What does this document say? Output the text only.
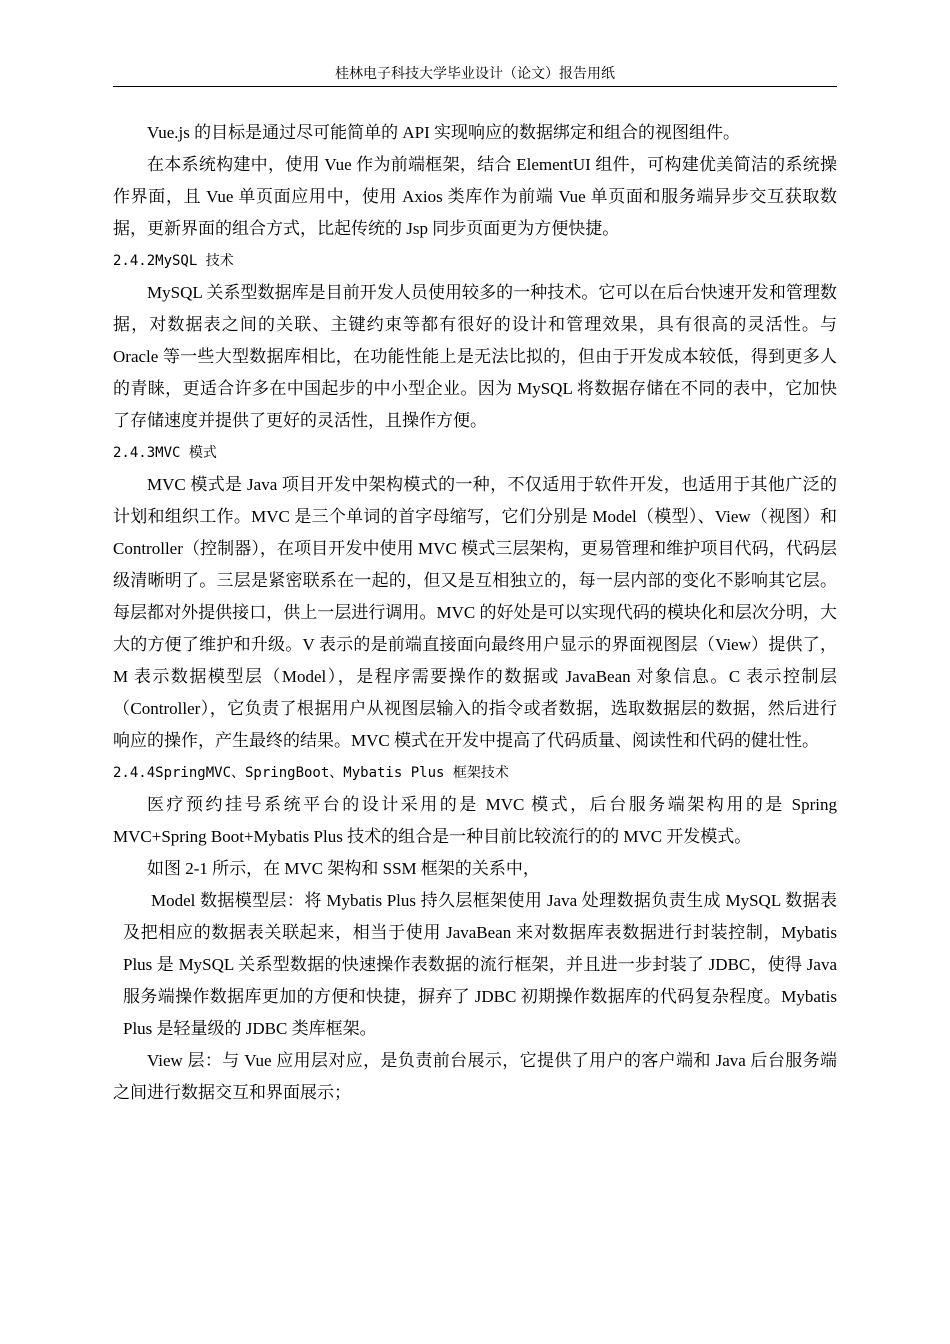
桂林电子科技大学毕业设计（论文）报告用纸

Vue.js 的目标是通过尽可能简单的 API 实现响应的数据绑定和组合的视图组件。

在本系统构建中，使用 Vue 作为前端框架，结合 ElementUI 组件，可构建优美简洁的系统操作界面，且 Vue 单页面应用中，使用 Axios 类库作为前端 Vue 单页面和服务端异步交互获取数据，更新界面的组合方式，比起传统的 Jsp 同步页面更为方便快捷。

2.4.2MySQL 技术

MySQL 关系型数据库是目前开发人员使用较多的一种技术。它可以在后台快速开发和管理数据，对数据表之间的关联、主键约束等都有很好的设计和管理效果，具有很高的灵活性。与 Oracle 等一些大型数据库相比，在功能性能上是无法比拟的，但由于开发成本较低，得到更多人的青睐，更适合许多在中国起步的中小型企业。因为 MySQL 将数据存储在不同的表中，它加快了存储速度并提供了更好的灵活性，且操作方便。

2.4.3MVC 模式

MVC 模式是 Java 项目开发中架构模式的一种，不仅适用于软件开发，也适用于其他广泛的计划和组织工作。MVC 是三个单词的首字母缩写，它们分别是 Model（模型）、View（视图）和 Controller（控制器），在项目开发中使用 MVC 模式三层架构，更易管理和维护项目代码，代码层级清晰明了。三层是紧密联系在一起的，但又是互相独立的，每一层内部的变化不影响其它层。每层都对外提供接口，供上一层进行调用。MVC 的好处是可以实现代码的模块化和层次分明，大大的方便了维护和升级。V 表示的是前端直接面向最终用户显示的界面视图层（View）提供了，M 表示数据模型层（Model），是程序需要操作的数据或 JavaBean 对象信息。C 表示控制层（Controller），它负责了根据用户从视图层输入的指令或者数据，选取数据层的数据，然后进行响应的操作，产生最终的结果。MVC 模式在开发中提高了代码质量、阅读性和代码的健壮性。

2.4.4SpringMVC、SpringBoot、Mybatis Plus 框架技术

医疗预约挂号系统平台的设计采用的是 MVC 模式，后台服务端架构用的是 Spring MVC+Spring Boot+Mybatis Plus 技术的组合是一种目前比较流行的的 MVC 开发模式。

如图 2-1 所示，在 MVC 架构和 SSM 框架的关系中，

Model 数据模型层：将 Mybatis Plus 持久层框架使用 Java 处理数据负责生成 MySQL 数据表及把相应的数据表关联起来，相当于使用 JavaBean 来对数据库表数据进行封装控制，Mybatis Plus 是 MySQL 关系型数据的快速操作表数据的流行框架，并且进一步封装了 JDBC，使得 Java 服务端操作数据库更加的方便和快捷，摒弃了 JDBC 初期操作数据库的代码复杂程度。Mybatis Plus 是轻量级的 JDBC 类库框架。

View 层：与 Vue 应用层对应，是负责前台展示，它提供了用户的客户端和 Java 后台服务端之间进行数据交互和界面展示；
